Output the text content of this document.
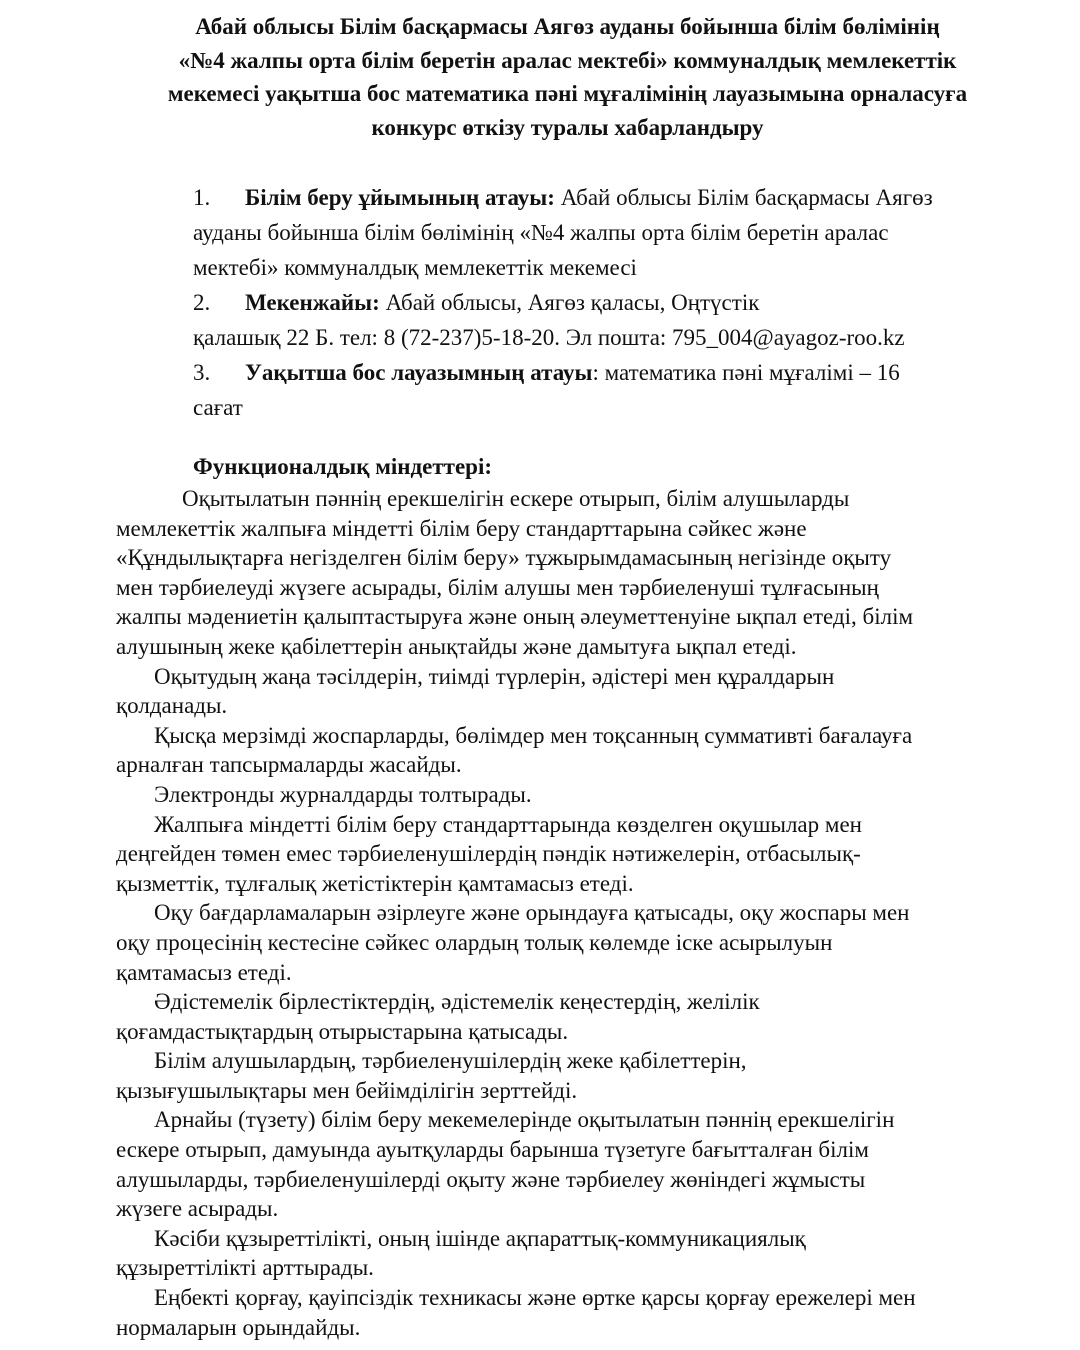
Абай облысы Білім басқармасы Аягөз ауданы бойынша білім бөлімінің
«№4 жалпы орта білім беретін аралас мектебі» коммуналдық мемлекеттік
мекемесі уақытша бос математика пәні мұғалімінің лауазымына орналасуға
конкурс өткізу туралы хабарландыру
1. Білім беру ұйымының атауы: Абай облысы Білім басқармасы Аягөз
ауданы бойынша білім бөлімінің «№4 жалпы орта білім беретін аралас
мектебі» коммуналдық мемлекеттік мекемесі
2. Мекенжайы: Абай облысы, Аягөз қаласы, Оңтүстік
қалашық 22 Б. тел: 8 (72-237)5-18-20. Эл пошта: 795_004@ayagoz-roo.kz
3. Уақытша бос лауазымның атауы: математика пәні мұғалімі – 16
сағат
Функционалдық міндеттері:
Оқытылатын пәннің ерекшелігін ескере отырып, білім алушыларды
мемлекеттік жалпыға міндетті білім беру стандарттарына сәйкес және
«Құндылықтарға негізделген білім беру» тұжырымдамасының негізінде оқыту
мен тәрбиелеуді жүзеге асырады, білім алушы мен тәрбиеленуші тұлғасының
жалпы мәдениетін қалыптастыруға және оның әлеуметтенуіне ықпал етеді, білім
алушының жеке қабілеттерін анықтайды және дамытуға ықпал етеді.
Оқытудың жаңа тәсілдерін, тиімді түрлерін, әдістері мен құралдарын
қолданады.
Қысқа мерзімді жоспарларды, бөлімдер мен тоқсанның суммативті бағалауға
арналған тапсырмаларды жасайды.
Электронды журналдарды толтырады.
Жалпыға міндетті білім беру стандарттарында көзделген оқушылар мен
деңгейден төмен емес тәрбиеленушілердің пәндік нәтижелерін, отбасылық-
қызметтік, тұлғалық жетістіктерін қамтамасыз етеді.
Оқу бағдарламаларын әзірлеуге және орындауға қатысады, оқу жоспары мен
оқу процесінің кестесіне сәйкес олардың толық көлемде іске асырылуын
қамтамасыз етеді.
Әдістемелік бірлестіктердің, әдістемелік кеңестердің, желілік
қоғамдастықтардың отырыстарына қатысады.
Білім алушылардың, тәрбиеленушілердің жеке қабілеттерін,
қызығушылықтары мен бейімділігін зерттейді.
Арнайы (түзету) білім беру мекемелерінде оқытылатын пәннің ерекшелігін
ескере отырып, дамуында ауытқуларды барынша түзетуге бағытталған білім
алушыларды, тәрбиеленушілерді оқыту және тәрбиелеу жөніндегі жұмысты
жүзеге асырады.
Кәсіби құзыреттілікті, оның ішінде ақпараттық-коммуникациялық
құзыреттілікті арттырады.
Еңбекті қорғау, қауіпсіздік техникасы және өртке қарсы қорғау ережелері мен
нормаларын орындайды.
